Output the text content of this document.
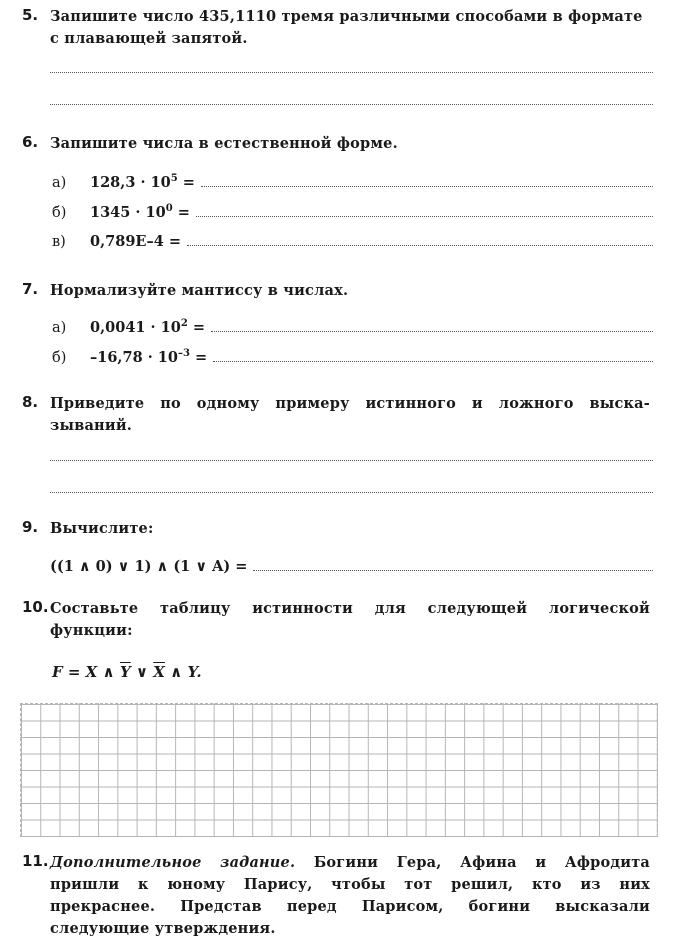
5. Запишите число 435,1110 тремя различными способами в формате с плавающей запятой.
6. Запишите числа в естественной форме.
а)	$128,3 \cdot 10^5$ =
б)	$1345 \cdot 10^0$ =
в)	0,789E–4 =
7. Нормализуйте мантиссу в числах.
а)	$0,0041 \cdot 10^2$ =
б)	$-16,78 \cdot 10^{-3}$ =
8. Приведите по одному примеру истинного и ложного выска-
зываний.
9. Вычислите:
((1 ∧ 0) ∨ 1) ∧ (1 ∨ A) =
10. Составьте таблицу истинности для следующей логической
функции:
F = X ∧ $\overline{Y}$ ∨ $\overline{X}$ ∧ Y.
11. Дополнительное задание. Богини Гера, Афина и Афродита
пришли к юному Парису, чтобы тот решил, кто из них
прекраснее. Представ перед Парисом, богини высказали
следующие утверждения.
